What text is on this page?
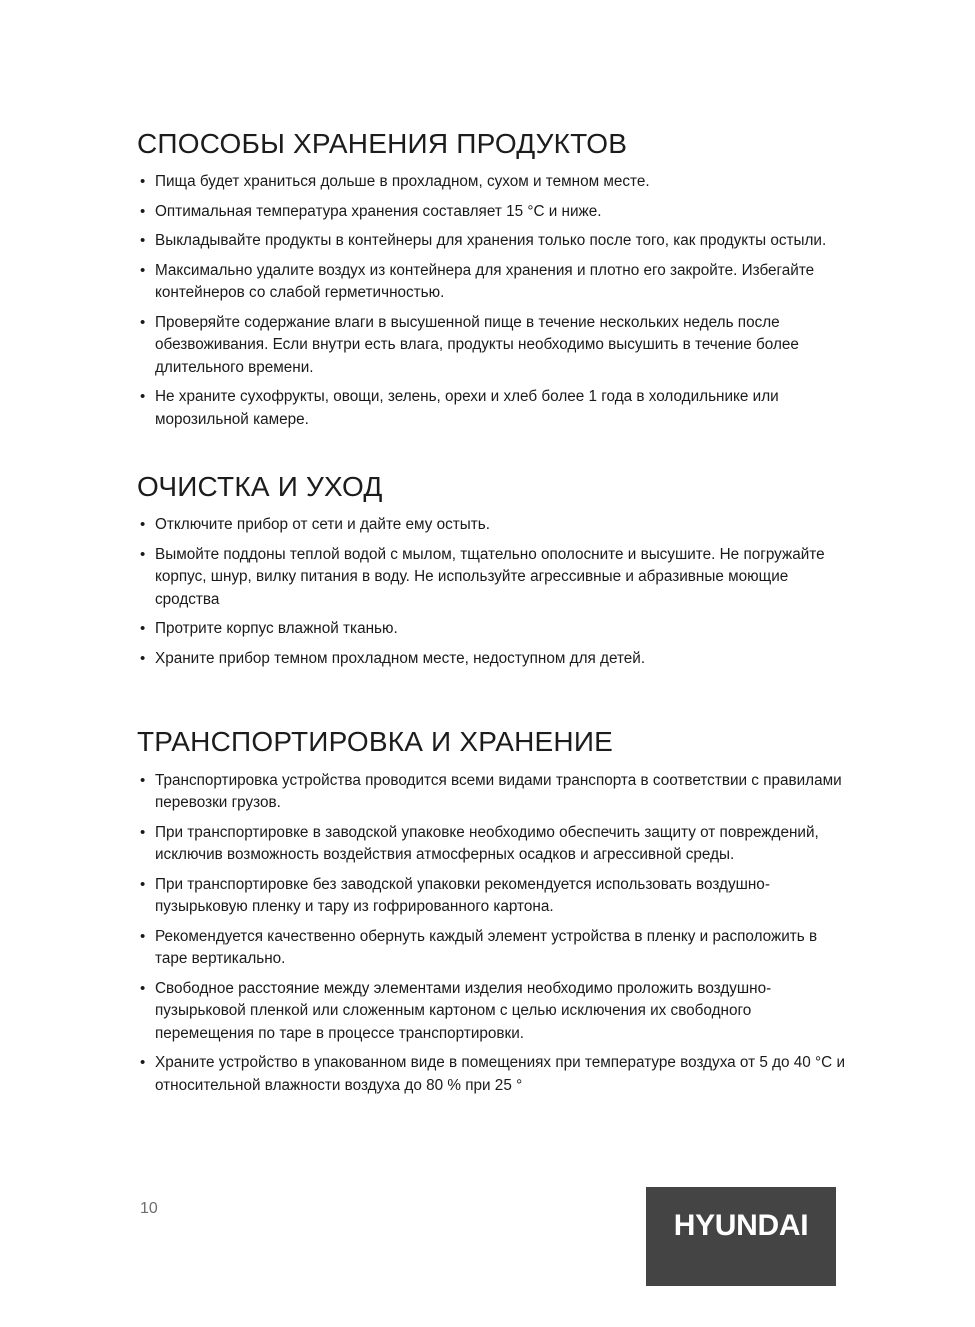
СПОСОБЫ ХРАНЕНИЯ ПРОДУКТОВ
• Пища будет храниться дольше в прохладном, сухом и темном месте.
• Оптимальная температура хранения составляет 15 °С и ниже.
• Выкладывайте продукты в контейнеры для хранения только после того, как продукты остыли.
• Максимально удалите воздух из контейнера для хранения и плотно его закройте. Избегайте контейнеров со слабой герметичностью.
• Проверяйте содержание влаги в высушенной пище в течение нескольких недель после обезвоживания. Если внутри есть влага, продукты необходимо высушить в течение более длительного времени.
• Не храните сухофрукты, овощи, зелень, орехи и хлеб более 1 года в холодильнике или морозильной камере.
ОЧИСТКА И УХОД
• Отключите прибор от сети и дайте ему остыть.
• Вымойте поддоны теплой водой с мылом, тщательно ополосните и высушите. Не погружайте корпус, шнур, вилку питания в воду. Не используйте агрессивные и абразивные моющие сродства
• Протрите корпус влажной тканью.
• Храните прибор темном прохладном месте, недоступном для детей.
ТРАНСПОРТИРОВКА И ХРАНЕНИЕ
• Транспортировка устройства проводится всеми видами транспорта в соответствии с правилами перевозки грузов.
• При транспортировке в заводской упаковке необходимо обеспечить защиту от повреждений, исключив возможность воздействия атмосферных осадков и агрессивной среды.
• При транспортировке без заводской упаковки рекомендуется использовать воздушно-пузырьковую пленку и тару из гофрированного картона.
• Рекомендуется качественно обернуть каждый элемент устройства в пленку и расположить в таре вертикально.
• Свободное расстояние между элементами изделия необходимо проложить воздушно-пузырьковой пленкой или сложенным картоном с целью исключения их свободного перемещения по таре в процессе транспортировки.
• Храните устройство в упакованном виде в помещениях при температуре воздуха от 5 до 40 °С и относительной влажности воздуха до 80 % при 25 °
10
HYUNDAI
